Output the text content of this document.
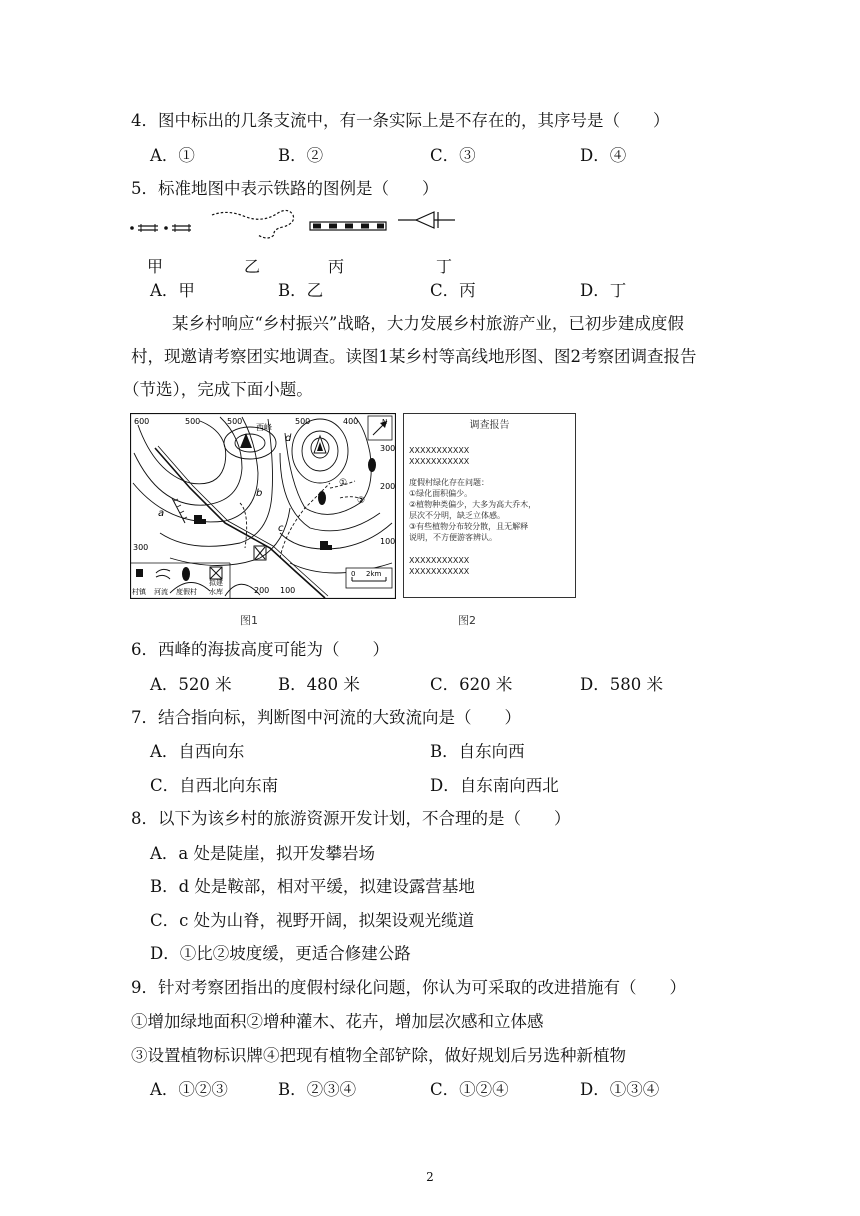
4．图中标出的几条支流中，有一条实际上是不存在的，其序号是（　　）
A．①	B．②	C．③	D．④
5．标准地图中表示铁路的图例是（　　）
甲	乙	丙	丁
A．甲	B．乙	C．丙	D．丁
某乡村响应“乡村振兴”战略，大力发展乡村旅游产业，已初步建成度假
村，现邀请考察团实地调查。读图1某乡村等高线地形图、图2考察团调查报告
（节选），完成下面小题。
N
600	500	500	500	400
300
200
100
300
200 100
a
b
c
d
①
②
西峰
村镇 河流 度假村
拟建
水库
0 2km
图1
调查报告
XXXXXXXXXXX
XXXXXXXXXXX
度假村绿化存在问题：
①绿化面积偏少。
②植物种类偏少，大多为高大乔木，
层次不分明，缺乏立体感。
③有些植物分布较分散，且无解释
说明，不方便游客辨认。
XXXXXXXXXXX
XXXXXXXXXXX
图2
6．西峰的海拔高度可能为（　　）
A．520 米	B．480 米	C．620 米	D．580 米
7．结合指向标，判断图中河流的大致流向是（　　）
A．自西向东	B．自东向西
C．自西北向东南	D．自东南向西北
8．以下为该乡村的旅游资源开发计划，不合理的是（　　）
A．a 处是陡崖，拟开发攀岩场
B．d 处是鞍部，相对平缓，拟建设露营基地
C．c 处为山脊，视野开阔，拟架设观光缆道
D．①比②坡度缓，更适合修建公路
9．针对考察团指出的度假村绿化问题，你认为可采取的改进措施有（　　）
①增加绿地面积②增种灌木、花卉，增加层次感和立体感
③设置植物标识牌④把现有植物全部铲除，做好规划后另选种新植物
A．①②③	B．②③④	C．①②④	D．①③④
2
